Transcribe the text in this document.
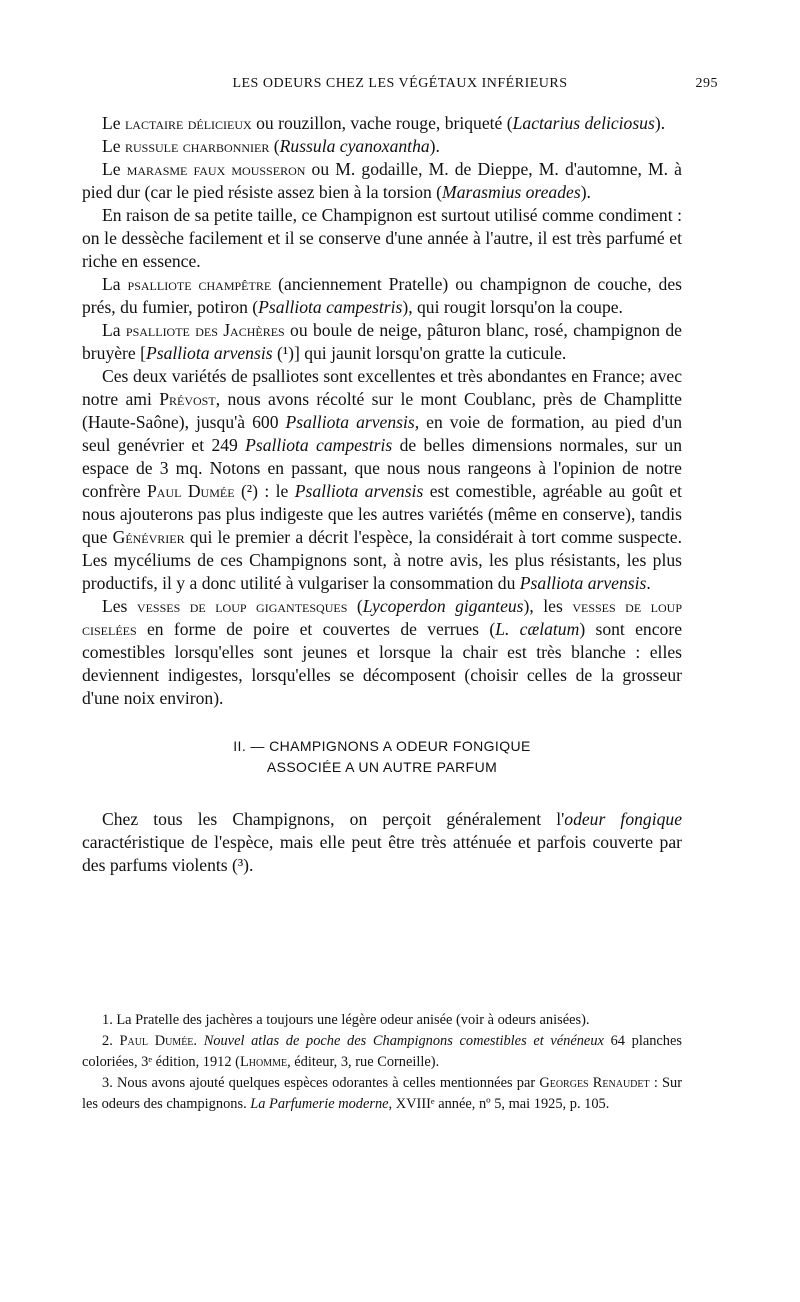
LES ODEURS CHEZ LES VÉGÉTAUX INFÉRIEURS	295

Le lactaire délicieux ou rouzillon, vache rouge, briqueté (Lactarius deliciosus).

Le russule charbonnier (Russula cyanoxantha).

Le marasme faux mousseron ou M. godaille, M. de Dieppe, M. d'automne, M. à pied dur (car le pied résiste assez bien à la torsion (Marasmius oreades).

En raison de sa petite taille, ce Champignon est surtout utilisé comme condiment : on le dessèche facilement et il se conserve d'une année à l'autre, il est très parfumé et riche en essence.

La psalliote champêtre (anciennement Pratelle) ou champignon de couche, des prés, du fumier, potiron (Psalliota campestris), qui rougit lorsqu'on la coupe.

La psalliote des Jachères ou boule de neige, pâturon blanc, rosé, champignon de bruyère [Psalliota arvensis (¹)] qui jaunit lorsqu'on gratte la cuticule.

Ces deux variétés de psalliotes sont excellentes et très abondantes en France; avec notre ami Prévost, nous avons récolté sur le mont Coublanc, près de Champlitte (Haute-Saône), jusqu'à 600 Psalliota arvensis, en voie de formation, au pied d'un seul genévrier et 249 Psalliota campestris de belles dimensions normales, sur un espace de 3 mq. Notons en passant, que nous nous rangeons à l'opinion de notre confrère Paul Dumée (²) : le Psalliota arvensis est comestible, agréable au goût et nous ajouterons pas plus indigeste que les autres variétés (même en conserve), tandis que Génévrier qui le premier a décrit l'espèce, la considérait à tort comme suspecte. Les mycéliums de ces Champignons sont, à notre avis, les plus résistants, les plus productifs, il y a donc utilité à vulgariser la consommation du Psalliota arvensis.

Les vesses de loup gigantesques (Lycoperdon giganteus), les vesses de loup ciselées en forme de poire et couvertes de verrues (L. cælatum) sont encore comestibles lorsqu'elles sont jeunes et lorsque la chair est très blanche : elles deviennent indigestes, lorsqu'elles se décomposent (choisir celles de la grosseur d'une noix environ).

II. — CHAMPIGNONS A ODEUR FONGIQUE
ASSOCIÉE A UN AUTRE PARFUM

Chez tous les Champignons, on perçoit généralement l'odeur fongique caractéristique de l'espèce, mais elle peut être très atténuée et parfois couverte par des parfums violents (³).

1. La Pratelle des jachères a toujours une légère odeur anisée (voir à odeurs anisées).

2. Paul Dumée. Nouvel atlas de poche des Champignons comestibles et vénéneux 64 planches coloriées, 3ᵉ édition, 1912 (Lhomme, éditeur, 3, rue Corneille).

3. Nous avons ajouté quelques espèces odorantes à celles mentionnées par Georges Renaudet : Sur les odeurs des champignons. La Parfumerie moderne, XVIIIᵉ année, nº 5, mai 1925, p. 105.
